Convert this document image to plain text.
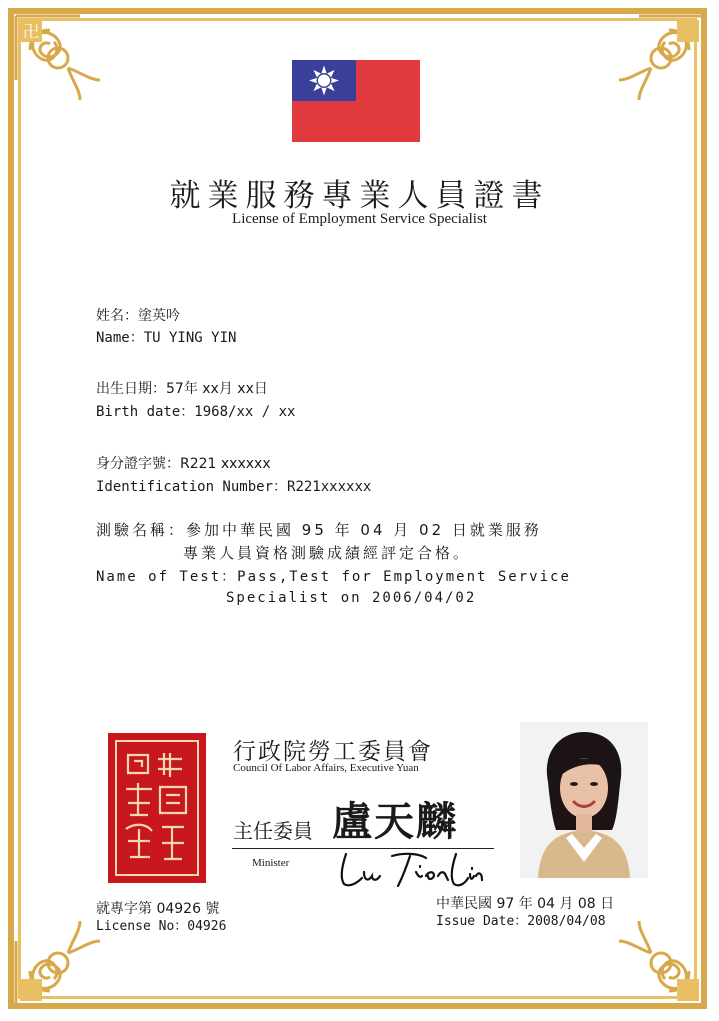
卍
就業服務專業人員證書
License of Employment Service Specialist
姓名：塗英吟
Name：TU YING YIN
出生日期：57年 xx月 xx日
Birth date：1968/xx / xx
身分證字號：R221 xxxxxx
Identification Number：R221xxxxxx
測驗名稱：參加中華民國 95 年 04 月 02 日就業服務
專業人員資格測驗成績經評定合格。
Name of Test：Pass,Test for Employment Service
Specialist on 2006/04/02
行政院勞工委員會
Council Of Labor Affairs, Executive Yuan
主任委員 盧天麟
Minister
就專字第 04926 號
License No：04926
中華民國 97 年 04 月 08 日
Issue Date：2008/04/08
